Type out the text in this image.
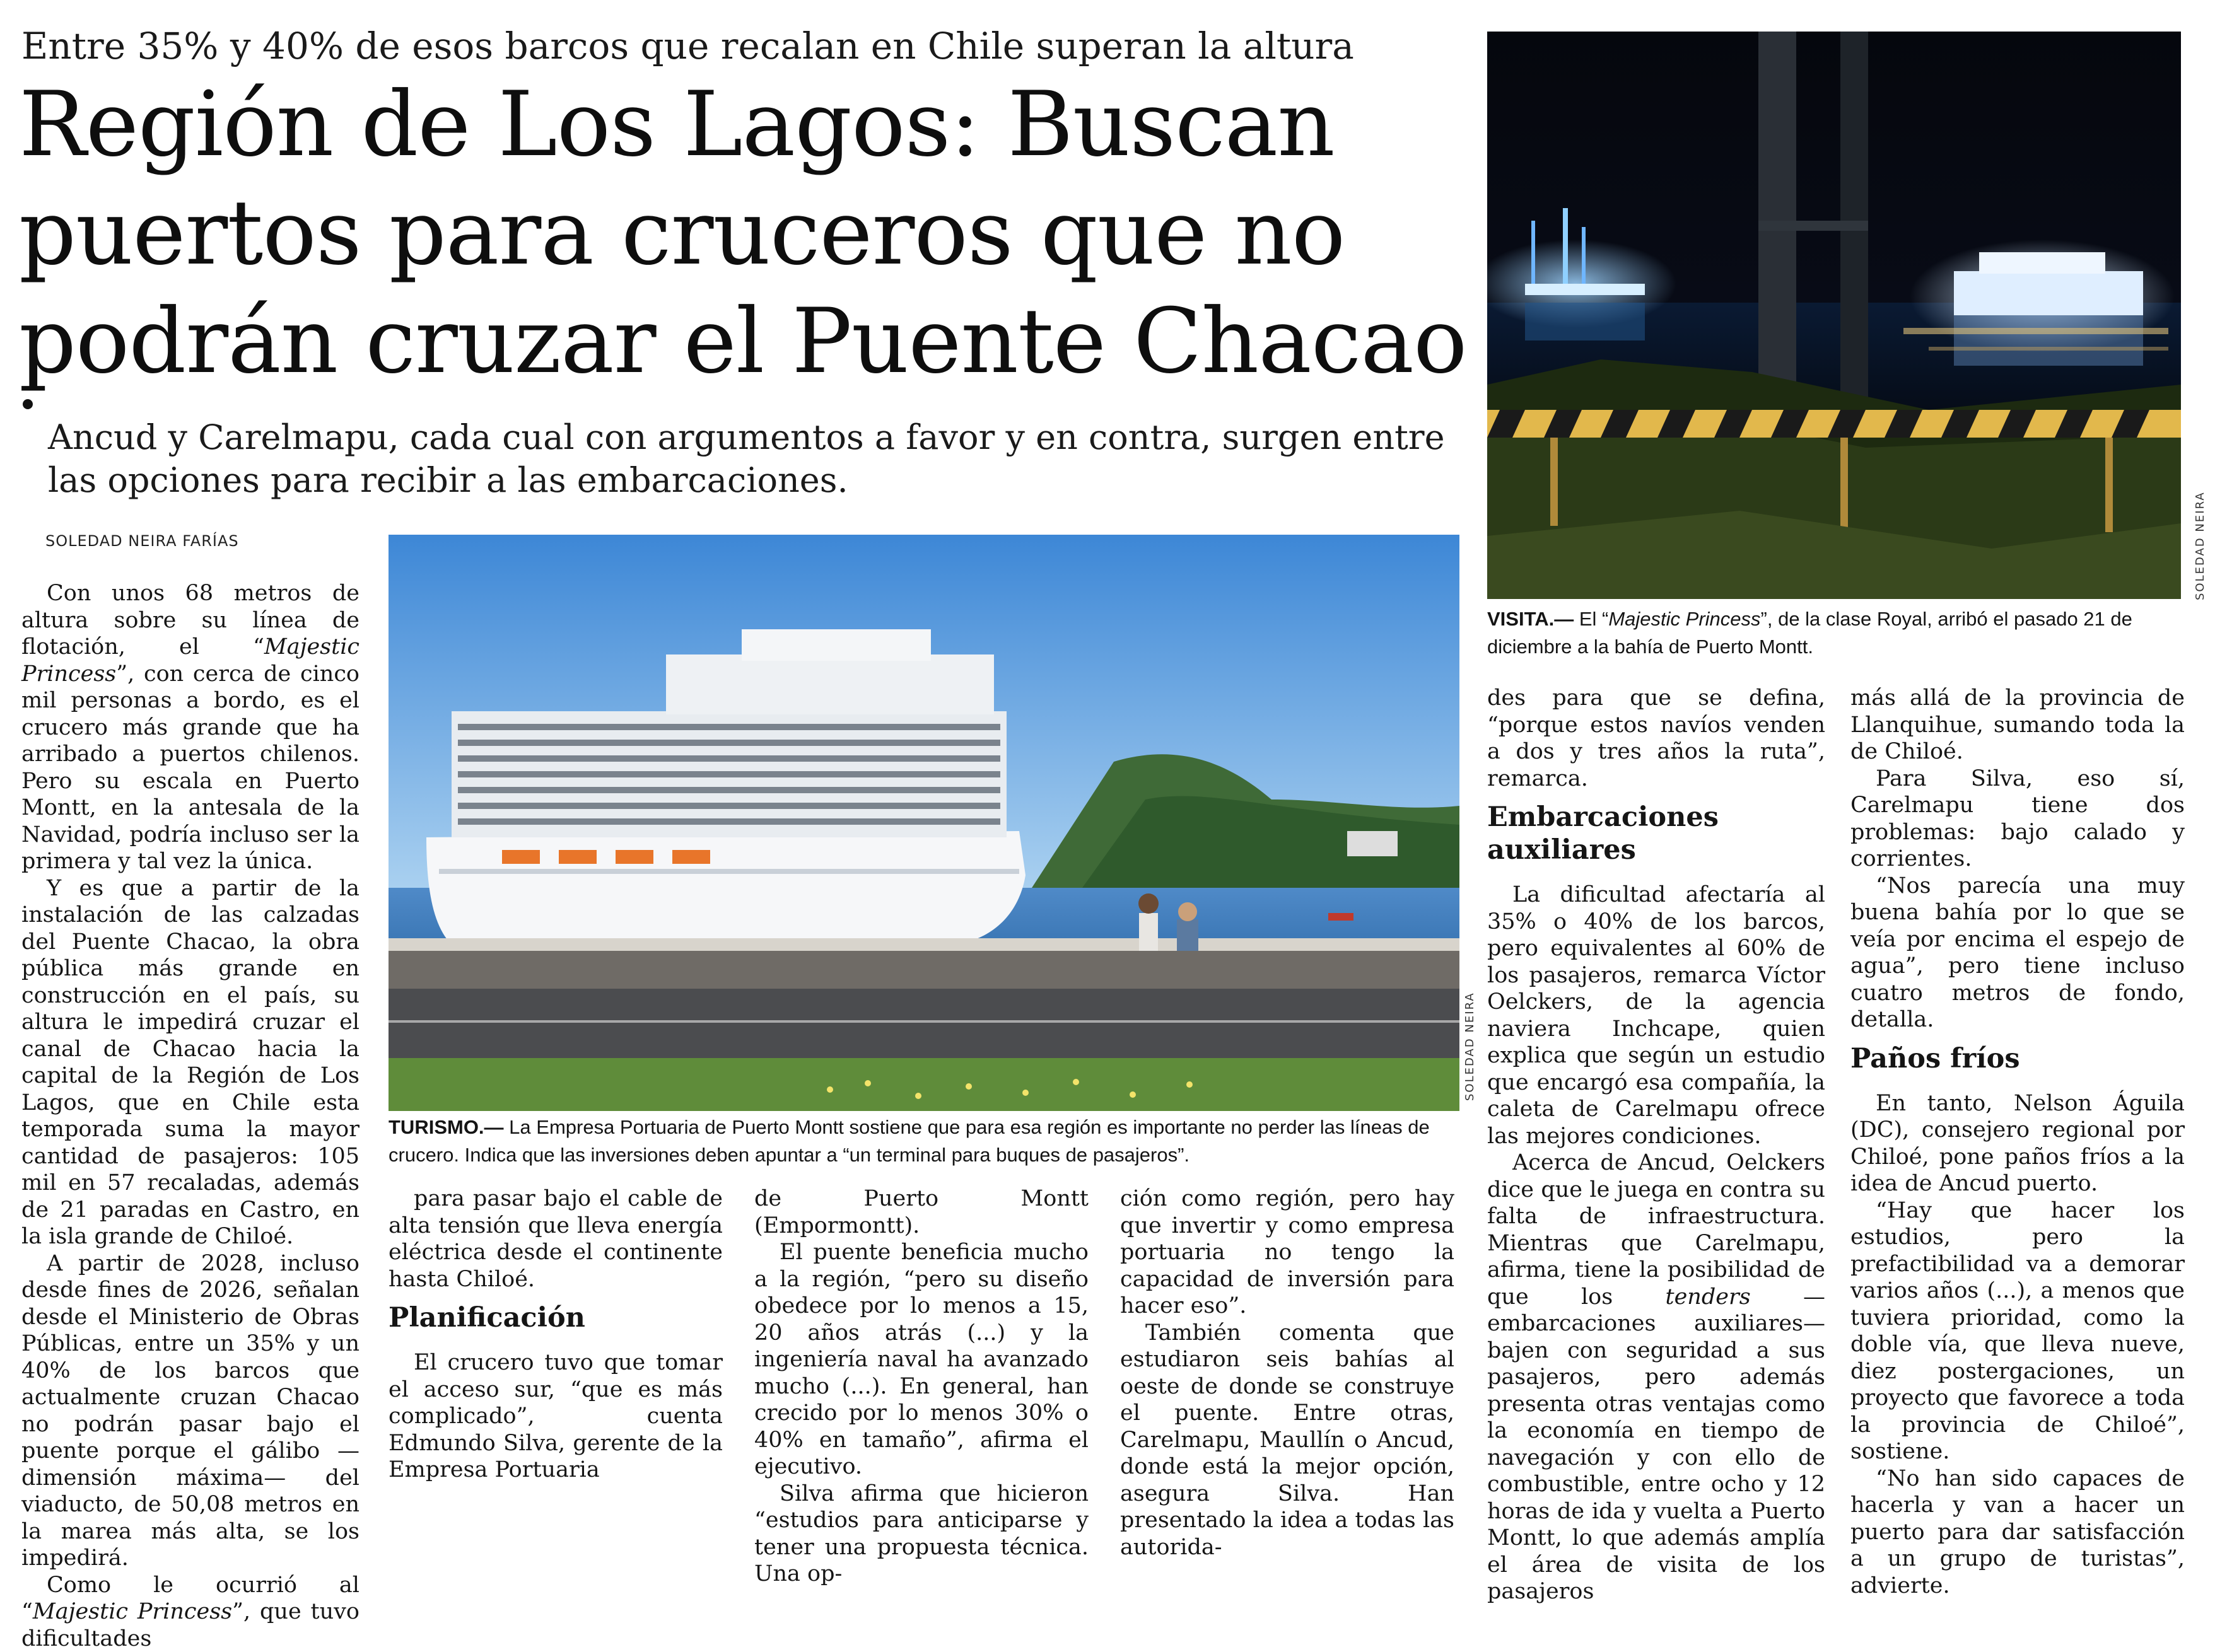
Entre 35% y 40% de esos barcos que recalan en Chile superan la altura
Región de Los Lagos: Buscan
puertos para cruceros que no
podrán cruzar el Puente Chacao
Ancud y Carelmapu, cada cual con argumentos a favor y en contra, surgen entre las opciones para recibir a las embarcaciones.
SOLEDAD NEIRA FARÍAS	SOLEDAD NEIRA
VISITA.— El “Majestic Princess”, de la clase Royal, arribó el pasado 21 de diciembre a la bahía de Puerto Montt.
SOLEDAD NEIRA
TURISMO.— La Empresa Portuaria de Puerto Montt sostiene que para esa región es importante no perder las líneas de crucero. Indica que las inversiones deben apuntar a “un terminal para buques de pasajeros”.

Con unos 68 metros de altura sobre su línea de flotación, el “Majestic Princess”, con cerca de cinco mil personas a bordo, es el crucero más grande que ha arribado a puertos chilenos. Pero su escala en Puerto Montt, en la antesala de la Navidad, podría incluso ser la primera y tal vez la única.

Y es que a partir de la instalación de las calzadas del Puente Chacao, la obra pública más grande en construcción en el país, su altura le impedirá cruzar el canal de Chacao hacia la capital de la Región de Los Lagos, que en Chile esta temporada suma la mayor cantidad de pasajeros: 105 mil en 57 recaladas, además de 21 paradas en Castro, en la isla grande de Chiloé.

A partir de 2028, incluso desde fines de 2026, señalan desde el Ministerio de Obras Públicas, entre un 35% y un 40% de los barcos que actualmente cruzan Chacao no podrán pasar bajo el puente porque el gálibo —dimensión máxima— del viaducto, de 50,08 metros en la marea más alta, se los impedirá.

Como le ocurrió al “Majestic Princess”, que tuvo dificultades

para pasar bajo el cable de alta tensión que lleva energía eléctrica desde el continente hasta Chiloé.

Planificación

El crucero tuvo que tomar el acceso sur, “que es más complicado”, cuenta Edmundo Silva, gerente de la Empresa Portuaria

de Puerto Montt (Empormontt).

El puente beneficia mucho a la región, “pero su diseño obedece por lo menos a 15, 20 años atrás (...) y la ingeniería naval ha avanzado mucho (...). En general, han crecido por lo menos 30% o 40% en tamaño”, afirma el ejecutivo.

Silva afirma que hicieron “estudios para anticiparse y tener una propuesta técnica. Una op-

ción como región, pero hay que invertir y como empresa portuaria no tengo la capacidad de inversión para hacer eso”.

También comenta que estudiaron seis bahías al oeste de donde se construye el puente. Entre otras, Carelmapu, Maullín o Ancud, donde está la mejor opción, asegura Silva. Han presentado la idea a todas las autorida-

des para que se defina, “porque estos navíos venden a dos y tres años la ruta”, remarca.

Embarcaciones auxiliares

La dificultad afectaría al 35% o 40% de los barcos, pero equivalentes al 60% de los pasajeros, remarca Víctor Oelckers, de la agencia naviera Inchcape, quien explica que según un estudio que encargó esa compañía, la caleta de Carelmapu ofrece las mejores condiciones.

Acerca de Ancud, Oelckers dice que le juega en contra su falta de infraestructura. Mientras que Carelmapu, afirma, tiene la posibilidad de que los tenders —embarcaciones auxiliares— bajen con seguridad a sus pasajeros, pero además presenta otras ventajas como la economía en tiempo de navegación y con ello de combustible, entre ocho y 12 horas de ida y vuelta a Puerto Montt, lo que además amplía el área de visita de los pasajeros

más allá de la provincia de Llanquihue, sumando toda la de Chiloé.

Para Silva, eso sí, Carelmapu tiene dos problemas: bajo calado y corrientes.

“Nos parecía una muy buena bahía por lo que se veía por encima el espejo de agua”, pero tiene incluso cuatro metros de fondo, detalla.

Paños fríos

En tanto, Nelson Águila (DC), consejero regional por Chiloé, pone paños fríos a la idea de Ancud puerto.

“Hay que hacer los estudios, pero la prefactibilidad va a demorar varios años (...), a menos que tuviera prioridad, como la doble vía, que lleva nueve, diez postergaciones, un proyecto que favorece a toda la provincia de Chiloé”, sostiene.

“No han sido capaces de hacerla y van a hacer un puerto para dar satisfacción a un grupo de turistas”, advierte.
